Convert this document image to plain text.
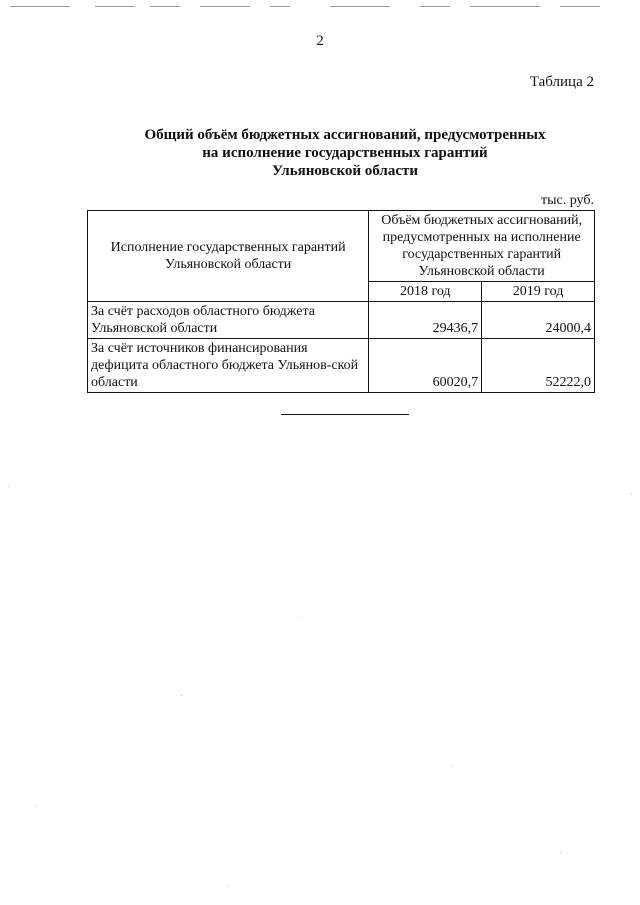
2
Таблица 2
Общий объём бюджетных ассигнований, предусмотренных
на исполнение государственных гарантий
Ульяновской области
тыс. руб.
Исполнение государственных гарантий Ульяновской области	Объём бюджетных ассигнований, предусмотренных на исполнение государственных гарантий Ульяновской области	
	2018 год	2019 год
За счёт расходов областного бюджета Ульяновской области	29436,7	24000,4
За счёт источников финансирования дефицита областного бюджета Ульянов-ской области	60020,7	52222,0
